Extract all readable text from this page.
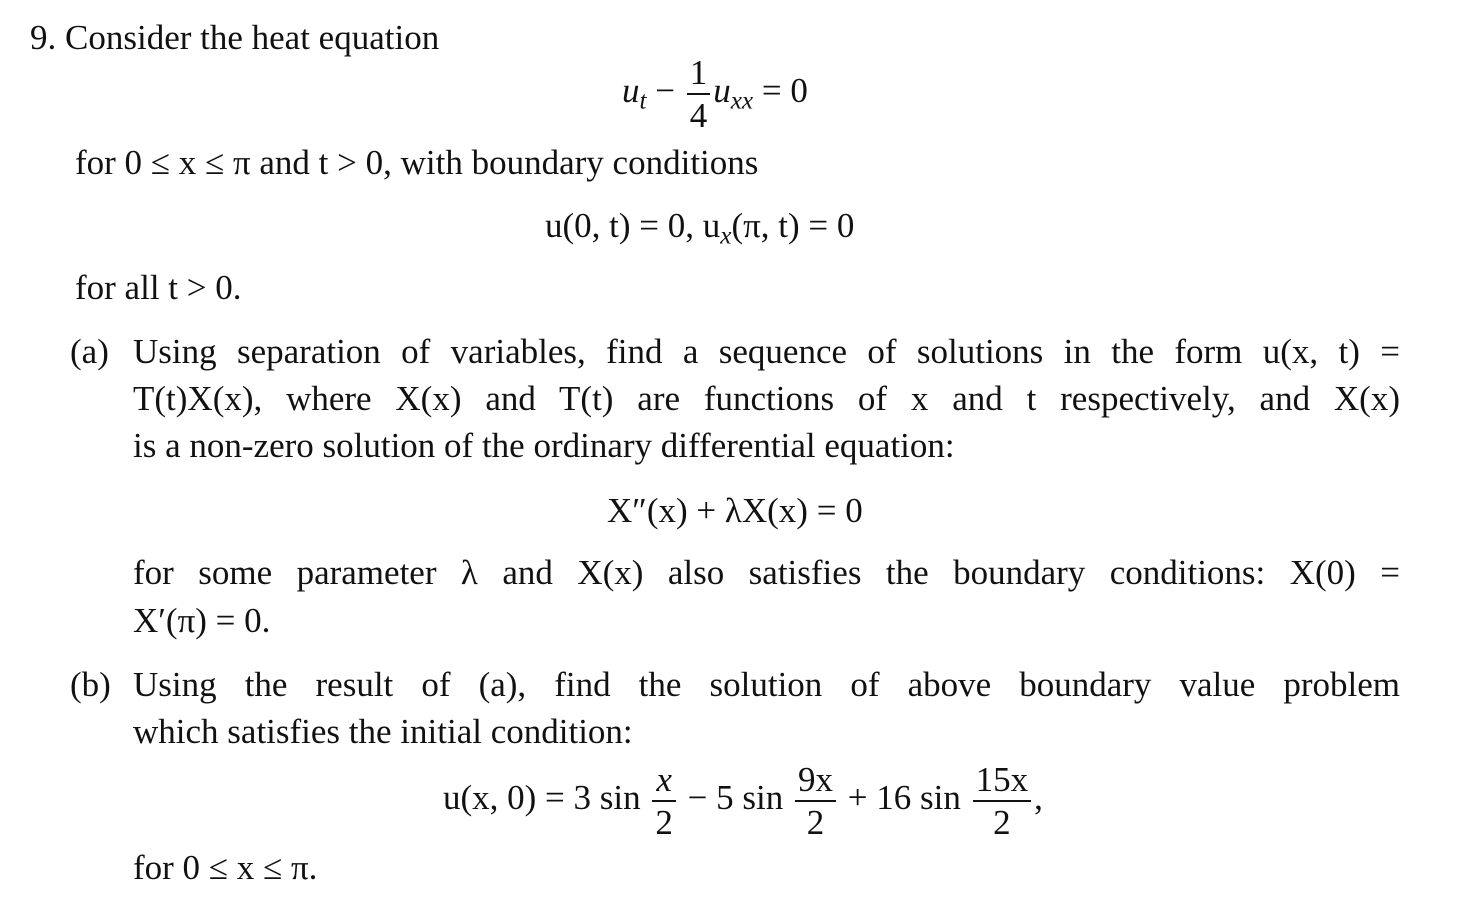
9. Consider the heat equation
$u_t - \frac{1}{4} u_{xx} = 0$
for 0 ≤ x ≤ π and t > 0, with boundary conditions
u(0, t) = 0, $u_x(\pi$, t) = 0
for all t > 0.
(a) Using separation of variables, find a sequence of solutions in the form u(x, t) =
T(t)X(x), where X(x) and T(t) are functions of x and t respectively, and X(x)
is a non-zero solution of the ordinary differential equation:
X″(x) + λX(x) = 0
for some parameter λ and X(x) also satisfies the boundary conditions: X(0) =
X′(π) = 0.
(b) Using the result of (a), find the solution of above boundary value problem
which satisfies the initial condition:
u(x, 0) = 3 $\sin \frac{x}{2} - 5$ $\sin \frac{9x}{2} + 16$ $\sin \frac{15x}{2}$ ,
for 0 ≤ x ≤ π.
